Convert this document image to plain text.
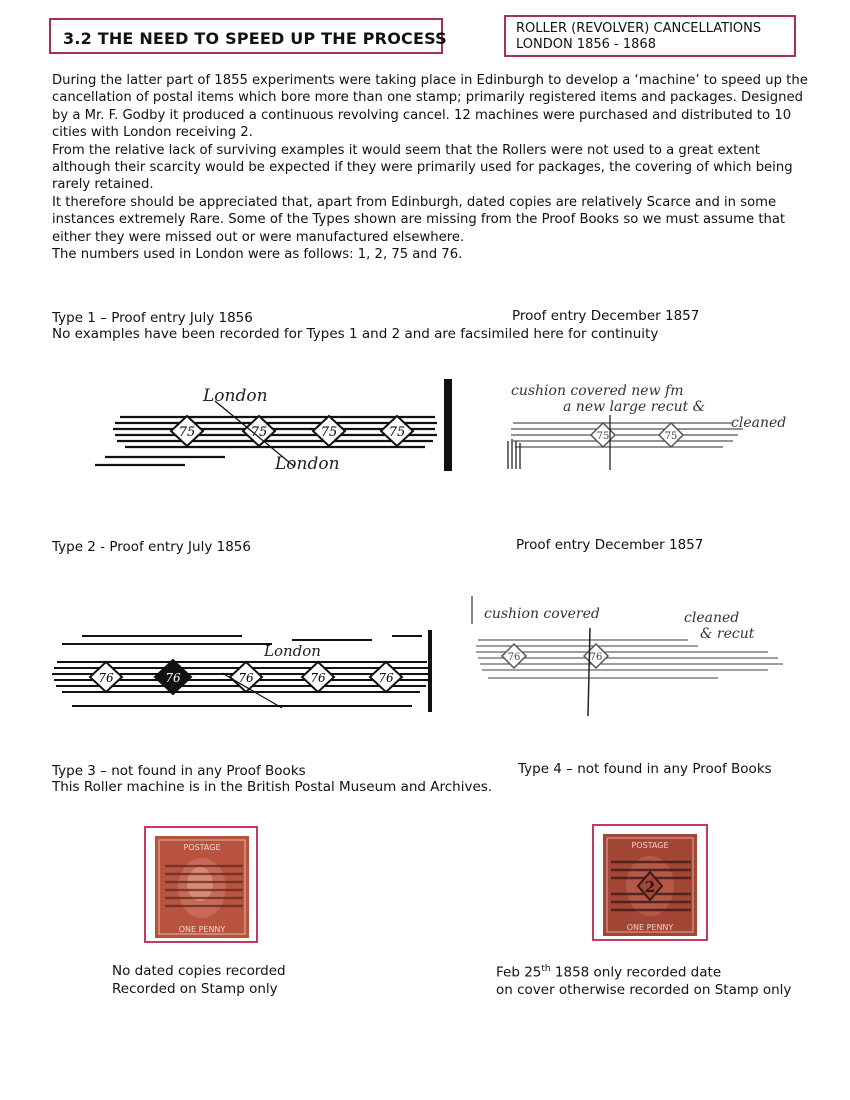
3.2 THE NEED TO SPEED UP THE PROCESS
ROLLER (REVOLVER) CANCELLATIONS
LONDON 1856 - 1868

During the latter part of 1855 experiments were taking place in Edinburgh to develop a ‘machine’ to speed up the cancellation of postal items which bore more than one stamp; primarily registered items and packages. Designed by a Mr. F. Godby it produced a continuous revolving cancel. 12 machines were purchased and distributed to 10 cities with London receiving 2.

From the relative lack of surviving examples it would seem that the Rollers were not used to a great extent although their scarcity would be expected if they were primarily used for packages, the covering of which being rarely retained.

It therefore should be appreciated that, apart from Edinburgh, dated copies are relatively Scarce and in some instances extremely Rare. Some of the Types shown are missing from the Proof Books so we must assume that either they were missed out or were manufactured elsewhere.

The numbers used in London were as follows: 1, 2, 75 and 76.

Type 1 – Proof entry July 1856	Proof entry December 1857
No examples have been recorded for Types 1 and 2 and are facsimiled here for continuity
75	75	75	75
London
London
cushion covered new fm
a new large recut &
cleaned
75	75
Type 2 - Proof entry July 1856	Proof entry December 1857
76	76	76	76	76
London
cushion covered	cleaned
& recut
76	76
Type 3 – not found in any Proof Books	Type 4 – not found in any Proof Books
This Roller machine is in the British Postal Museum and Archives.
POSTAGE
ONE PENNY
POSTAGE
2
ONE PENNY

No dated copies recorded

Recorded on Stamp only

Feb 25th 1858 only recorded date

on cover otherwise recorded on Stamp only
